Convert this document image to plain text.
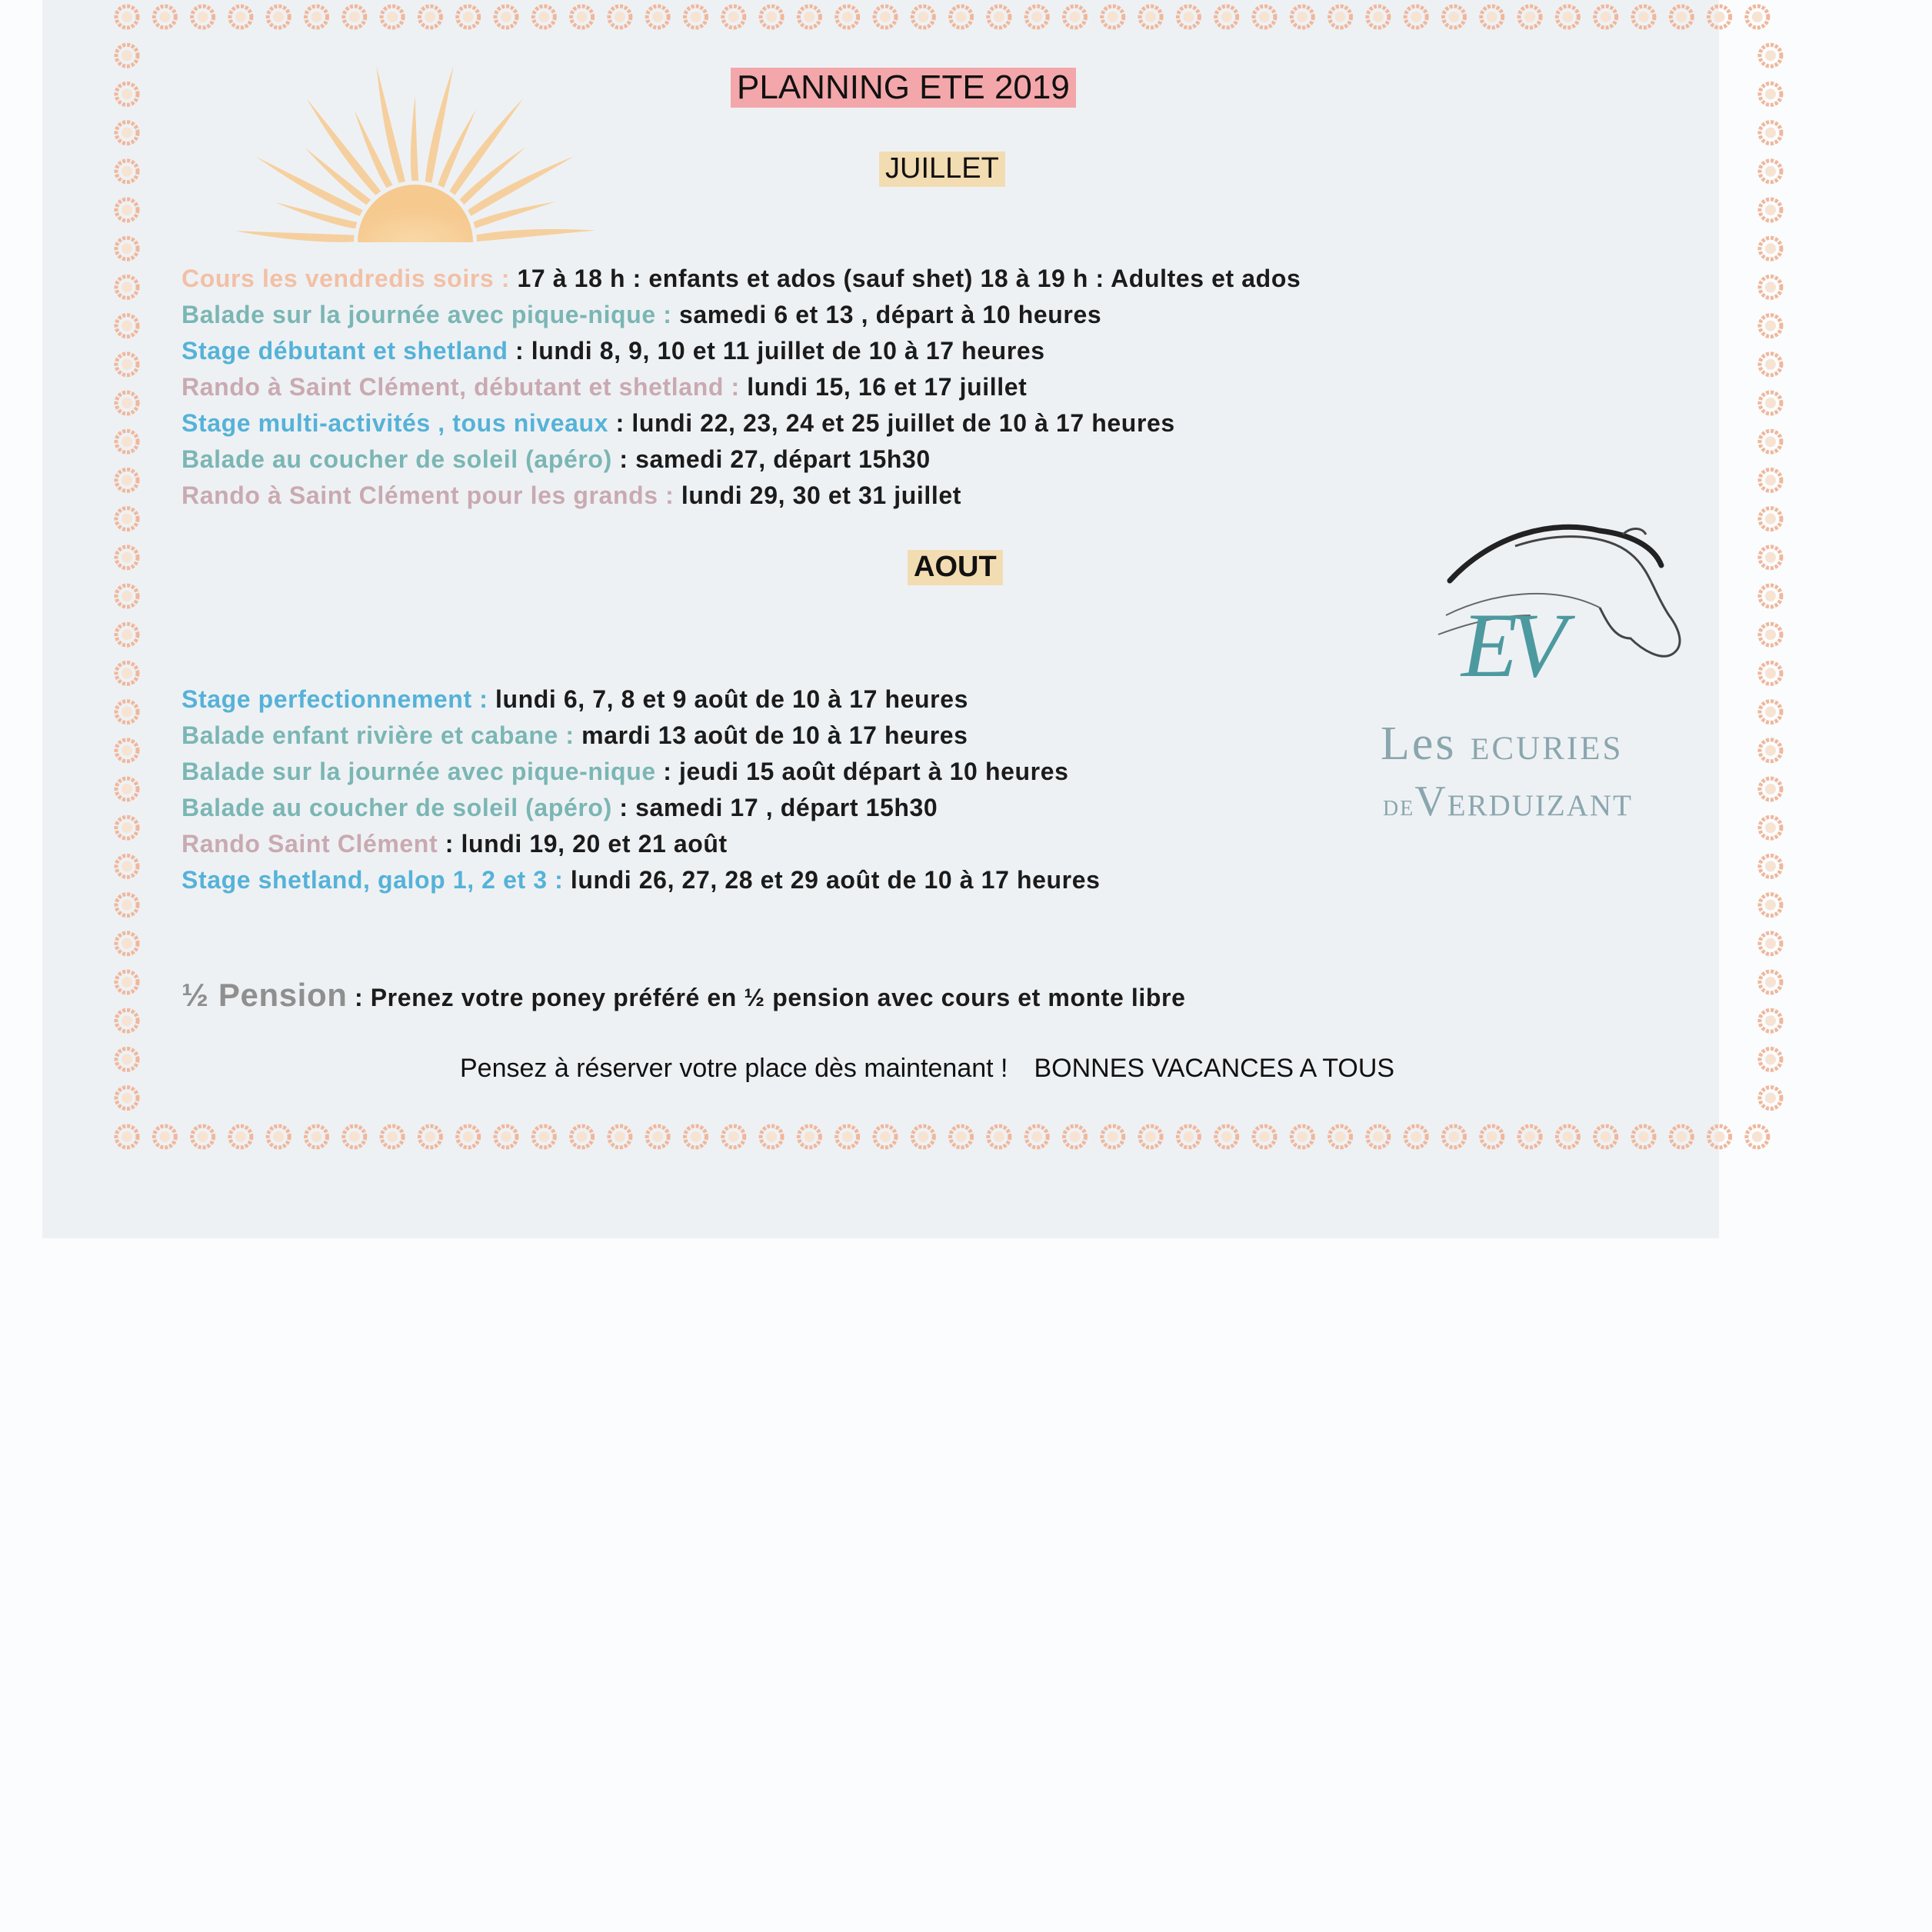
PLANNING ETE 2019
JUILLET
AOUT
Cours les vendredis soirs : 17 à 18 h : enfants et ados (sauf shet) 18 à 19 h : Adultes et ados
Balade sur la journée avec pique-nique : samedi 6 et 13 , départ à 10 heures
Stage débutant et shetland : lundi 8, 9, 10 et 11 juillet de 10 à 17 heures
Rando à Saint Clément, débutant et shetland : lundi 15, 16 et 17 juillet
Stage multi-activités , tous niveaux : lundi 22, 23, 24 et 25 juillet de 10 à 17 heures
Balade au coucher de soleil (apéro) : samedi 27, départ 15h30
Rando à Saint Clément pour les grands : lundi 29, 30 et 31 juillet
Stage perfectionnement : lundi 6, 7, 8 et 9 août de 10 à 17 heures
Balade enfant rivière et cabane : mardi 13 août de 10 à 17 heures
Balade sur la journée avec pique-nique : jeudi 15 août départ à 10 heures
Balade au coucher de soleil (apéro) : samedi 17 , départ 15h30
Rando Saint Clément : lundi 19, 20 et 21 août
Stage shetland, galop 1, 2 et 3 : lundi 26, 27, 28 et 29 août de 10 à 17 heures
½ Pension : Prenez votre poney préféré en ½ pension avec cours et monte libre
Pensez à réserver votre place dès maintenant ! BONNES VACANCES A TOUS
EV
Les Ecuries
deVerduizant
